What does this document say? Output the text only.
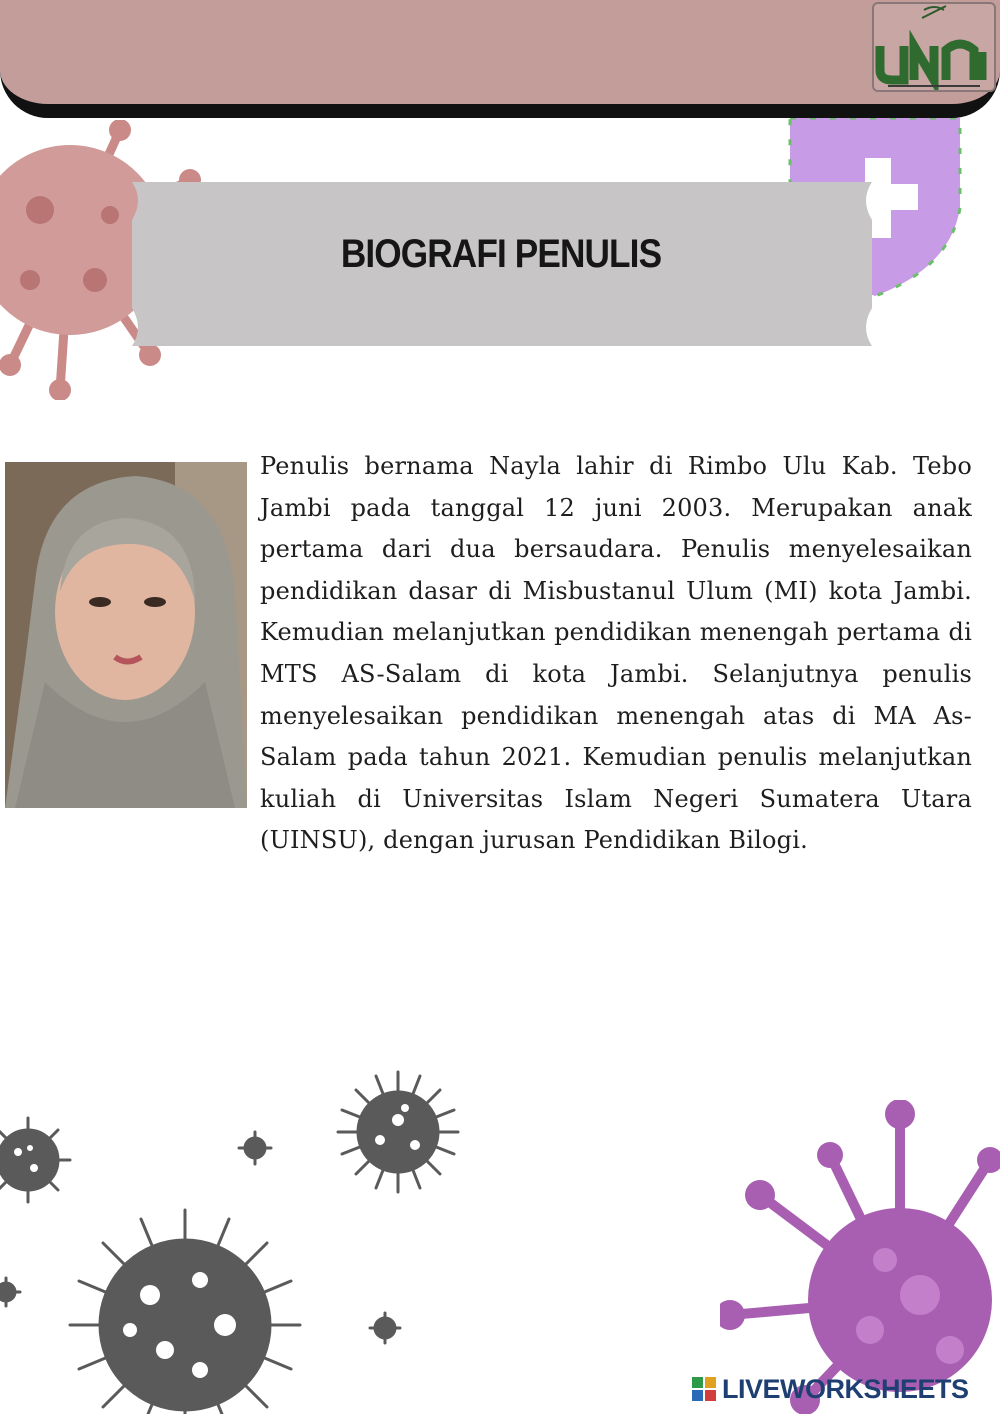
BIOGRAFI PENULIS
Penulis bernama Nayla lahir di Rimbo Ulu Kab. Tebo Jambi pada tanggal 12 juni 2003. Merupakan anak pertama dari dua bersaudara. Penulis menyelesaikan pendidikan dasar di Misbustanul Ulum (MI) kota Jambi. Kemudian melanjutkan pendidikan menengah pertama di MTS AS-Salam di kota Jambi. Selanjutnya penulis menyelesaikan pendidikan menengah atas di MA As-Salam pada tahun 2021. Kemudian penulis melanjutkan kuliah di Universitas Islam Negeri Sumatera Utara (UINSU), dengan jurusan Pendidikan Bilogi.
LIVEWORKSHEETS
